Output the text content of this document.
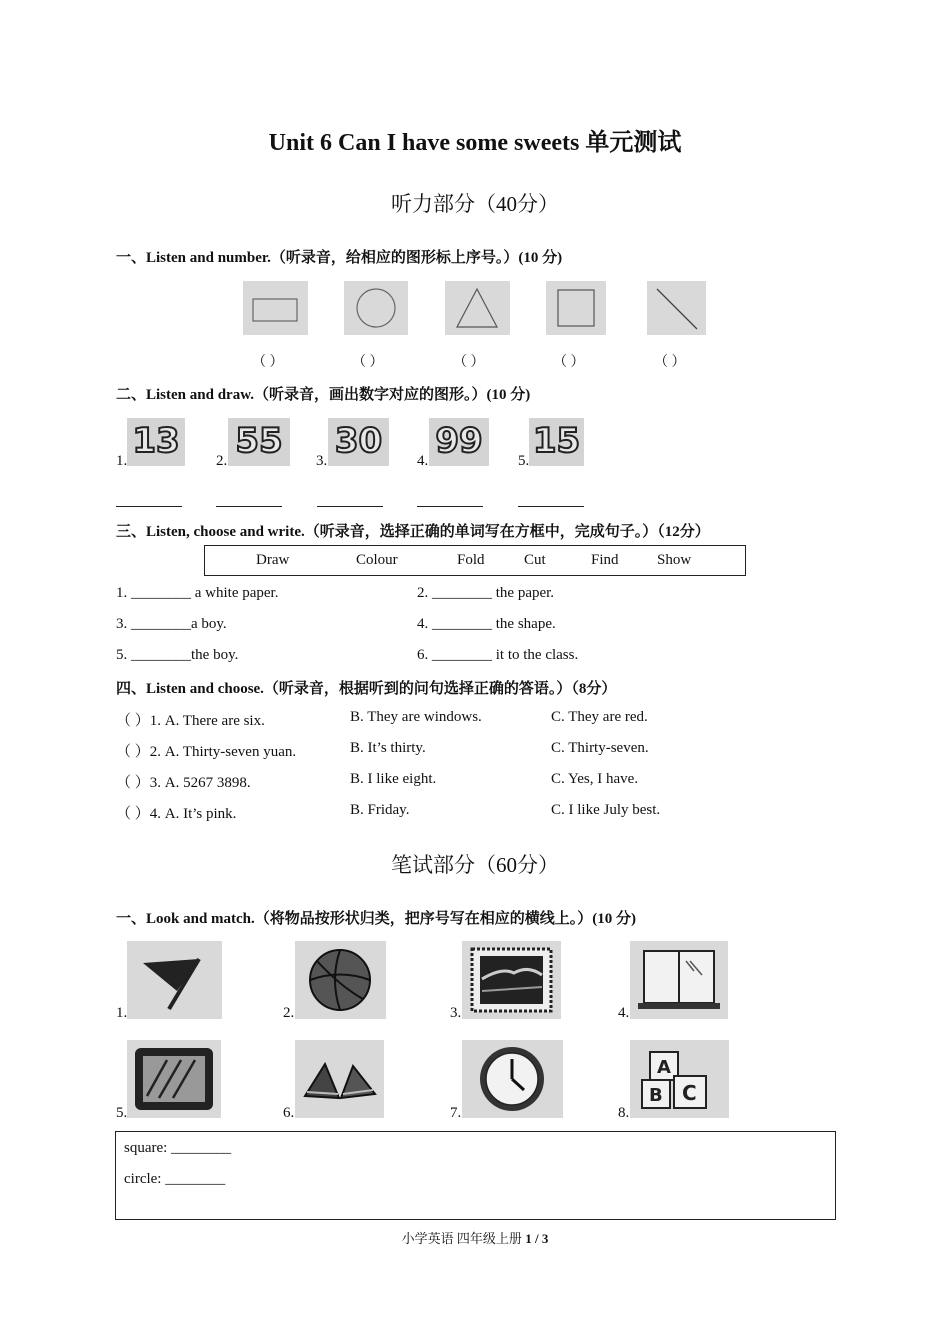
Unit 6 Can I have some sweets 单元测试
听力部分（40分）
一、Listen and number.（听录音，给相应的图形标上序号。）(10 分)
（ ）	（ ）	（ ）	（ ）	（ ）
二、Listen and draw.（听录音，画出数字对应的图形。）(10 分)
1. 13	2. 55	3. 30	4. 99	5. 15
三、Listen, choose and write.（听录音，选择正确的单词写在方框中，完成句子。）（12分）
Draw	Colour	Fold	Cut	Find	Show
1. ________ a white paper.	2. ________ the paper.
3. ________a boy.	4. ________ the shape.
5. ________the boy.	6. ________ it to the class.
四、Listen and choose.（听录音，根据听到的问句选择正确的答语。）（8分）
（ ）1. A. There are six.	B. They are windows.	C. They are red.
（ ）2. A. Thirty-seven yuan.	B. It’s thirty.	C. Thirty-seven.
（ ）3. A. 5267 3898.	B. I like eight.	C. Yes, I have.
（ ）4. A. It’s pink.	B. Friday.	C. I like July best.
笔试部分（60分）
一、Look and match.（将物品按形状归类，把序号写在相应的横线上。）(10 分)
1.	2.	3.	4.
5.	6.	7.	8.
A
B C
square: ________
circle: ________
小学英语 四年级上册 1 / 3
